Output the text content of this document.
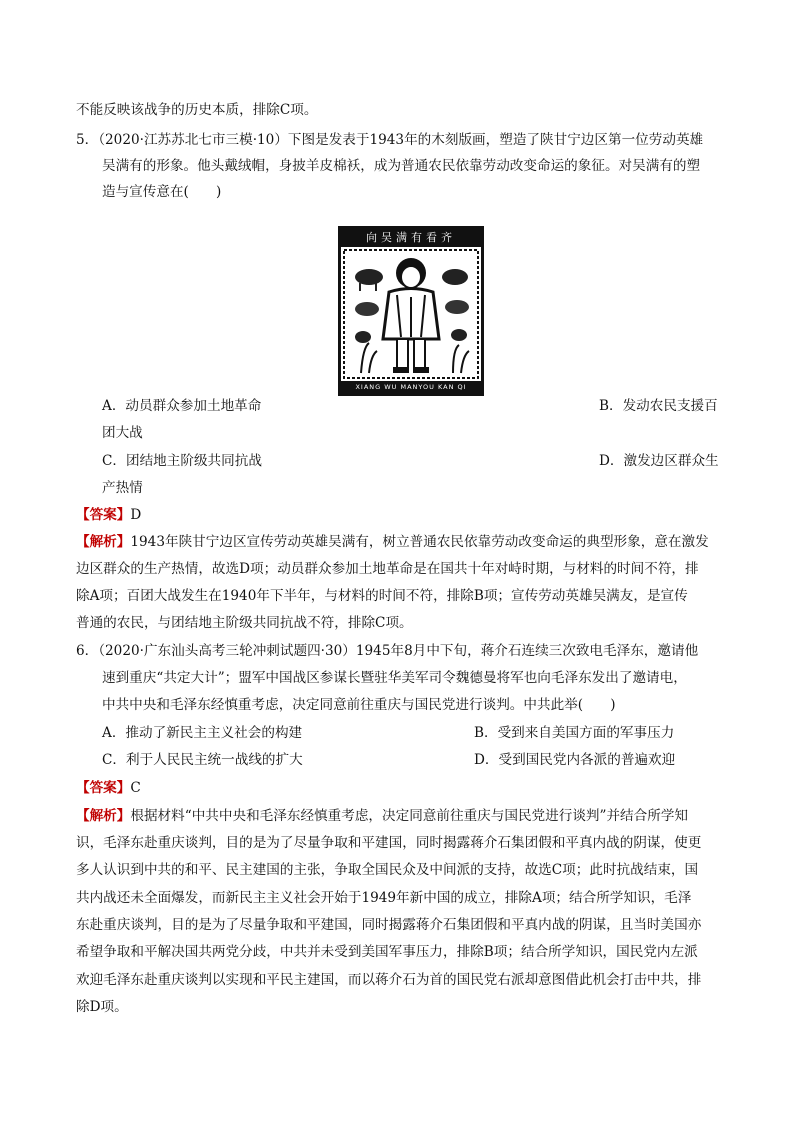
不能反映该战争的历史本质，排除C项。
5．（2020·江苏苏北七市三模·10）下图是发表于1943年的木刻版画，塑造了陕甘宁边区第一位劳动英雄
吴满有的形象。他头戴绒帽，身披羊皮棉袄，成为普通农民依靠劳动改变命运的象征。对吴满有的塑
造与宣传意在(　　)
A．动员群众参加土地革命	B．发动农民支援百
团大战
C．团结地主阶级共同抗战	D．激发边区群众生
产热情
【答案】D
【解析】1943年陕甘宁边区宣传劳动英雄吴满有，树立普通农民依靠劳动改变命运的典型形象，意在激发
边区群众的生产热情，故选D项；动员群众参加土地革命是在国共十年对峙时期，与材料的时间不符，排
除A项；百团大战发生在1940年下半年，与材料的时间不符，排除B项；宣传劳动英雄吴满友，是宣传
普通的农民，与团结地主阶级共同抗战不符，排除C项。
6．（2020·广东汕头高考三轮冲刺试题四·30）1945年8月中下旬，蒋介石连续三次致电毛泽东，邀请他
速到重庆“共定大计”；盟军中国战区参谋长暨驻华美军司令魏德曼将军也向毛泽东发出了邀请电，
中共中央和毛泽东经慎重考虑，决定同意前往重庆与国民党进行谈判。中共此举(　　)
A．推动了新民主主义社会的构建	B．受到来自美国方面的军事压力
C．利于人民民主统一战线的扩大	D．受到国民党内各派的普遍欢迎
【答案】C
【解析】根据材料“中共中央和毛泽东经慎重考虑，决定同意前往重庆与国民党进行谈判”并结合所学知
识，毛泽东赴重庆谈判，目的是为了尽量争取和平建国，同时揭露蒋介石集团假和平真内战的阴谋，使更
多人认识到中共的和平、民主建国的主张，争取全国民众及中间派的支持，故选C项；此时抗战结束，国
共内战还未全面爆发，而新民主主义社会开始于1949年新中国的成立，排除A项；结合所学知识，毛泽
东赴重庆谈判，目的是为了尽量争取和平建国，同时揭露蒋介石集团假和平真内战的阴谋，且当时美国亦
希望争取和平解决国共两党分歧，中共并未受到美国军事压力，排除B项；结合所学知识，国民党内左派
欢迎毛泽东赴重庆谈判以实现和平民主建国，而以蒋介石为首的国民党右派却意图借此机会打击中共，排
除D项。
向吴满有看齐
XIANG WU MANYOU KAN QI
